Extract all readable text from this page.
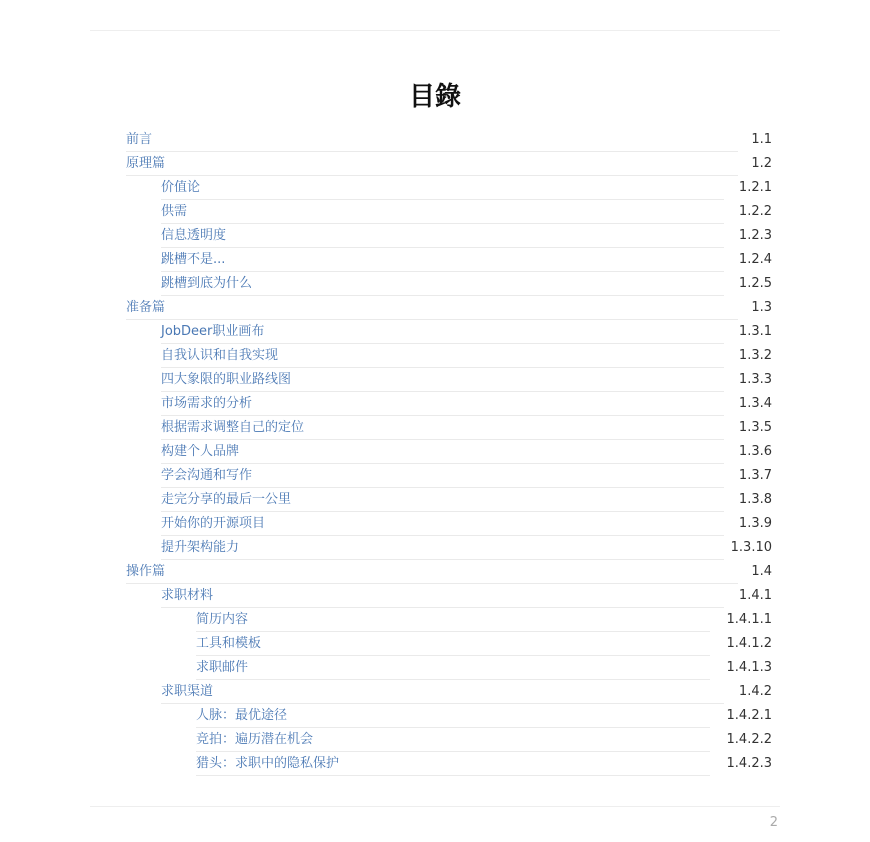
目錄
前言	1.1
原理篇	1.2
价值论	1.2.1
供需	1.2.2
信息透明度	1.2.3
跳槽不是...	1.2.4
跳槽到底为什么	1.2.5
准备篇	1.3
JobDeer职业画布	1.3.1
自我认识和自我实现	1.3.2
四大象限的职业路线图	1.3.3
市场需求的分析	1.3.4
根据需求调整自己的定位	1.3.5
构建个人品牌	1.3.6
学会沟通和写作	1.3.7
走完分享的最后一公里	1.3.8
开始你的开源项目	1.3.9
提升架构能力	1.3.10
操作篇	1.4
求职材料	1.4.1
简历内容	1.4.1.1
工具和模板	1.4.1.2
求职邮件	1.4.1.3
求职渠道	1.4.2
人脉：最优途径	1.4.2.1
竞拍：遍历潜在机会	1.4.2.2
猎头：求职中的隐私保护	1.4.2.3
2
